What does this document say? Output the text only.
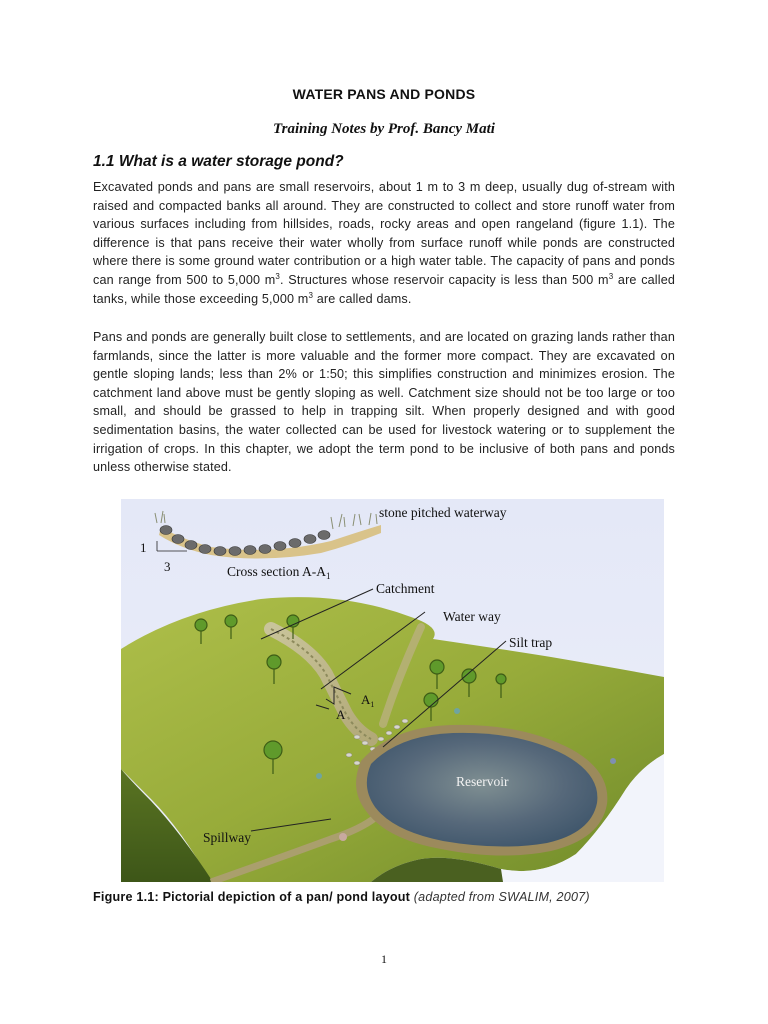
WATER PANS AND PONDS
Training Notes by Prof. Bancy Mati
1.1 What is a water storage pond?

Excavated ponds and pans are small reservoirs, about 1 m to 3 m deep, usually dug of-stream with raised and compacted banks all around. They are constructed to collect and store runoff water from various surfaces including from hillsides, roads, rocky areas and open rangeland (figure 1.1). The difference is that pans receive their water wholly from surface runoff while ponds are constructed where there is some ground water contribution or a high water table. The capacity of pans and ponds can range from 500 to 5,000 $m^3$. Structures whose reservoir capacity is less than 500 $m^3$ are called tanks, while those exceeding 5,000 $m^3$ are called dams.

Pans and ponds are generally built close to settlements, and are located on grazing lands rather than farmlands, since the latter is more valuable and the former more compact. They are excavated on gentle sloping lands; less than 2% or 1:50; this simplifies construction and minimizes erosion. The catchment land above must be gently sloping as well. Catchment size should not be too large or too small, and should be grassed to help in trapping silt. When properly designed and with good sedimentation basins, the water collected can be used for livestock watering or to supplement the irrigation of crops. In this chapter, we adopt the term pond to be inclusive of both pans and ponds unless otherwise stated.

1
3
stone pitched waterway
Cross section $A-A_1$
Catchment
Water way
Silt trap
$A_1$
A
Reservoir
Spillway
Figure 1.1: Pictorial depiction of a pan/ pond layout (adapted from SWALIM, 2007)
1
